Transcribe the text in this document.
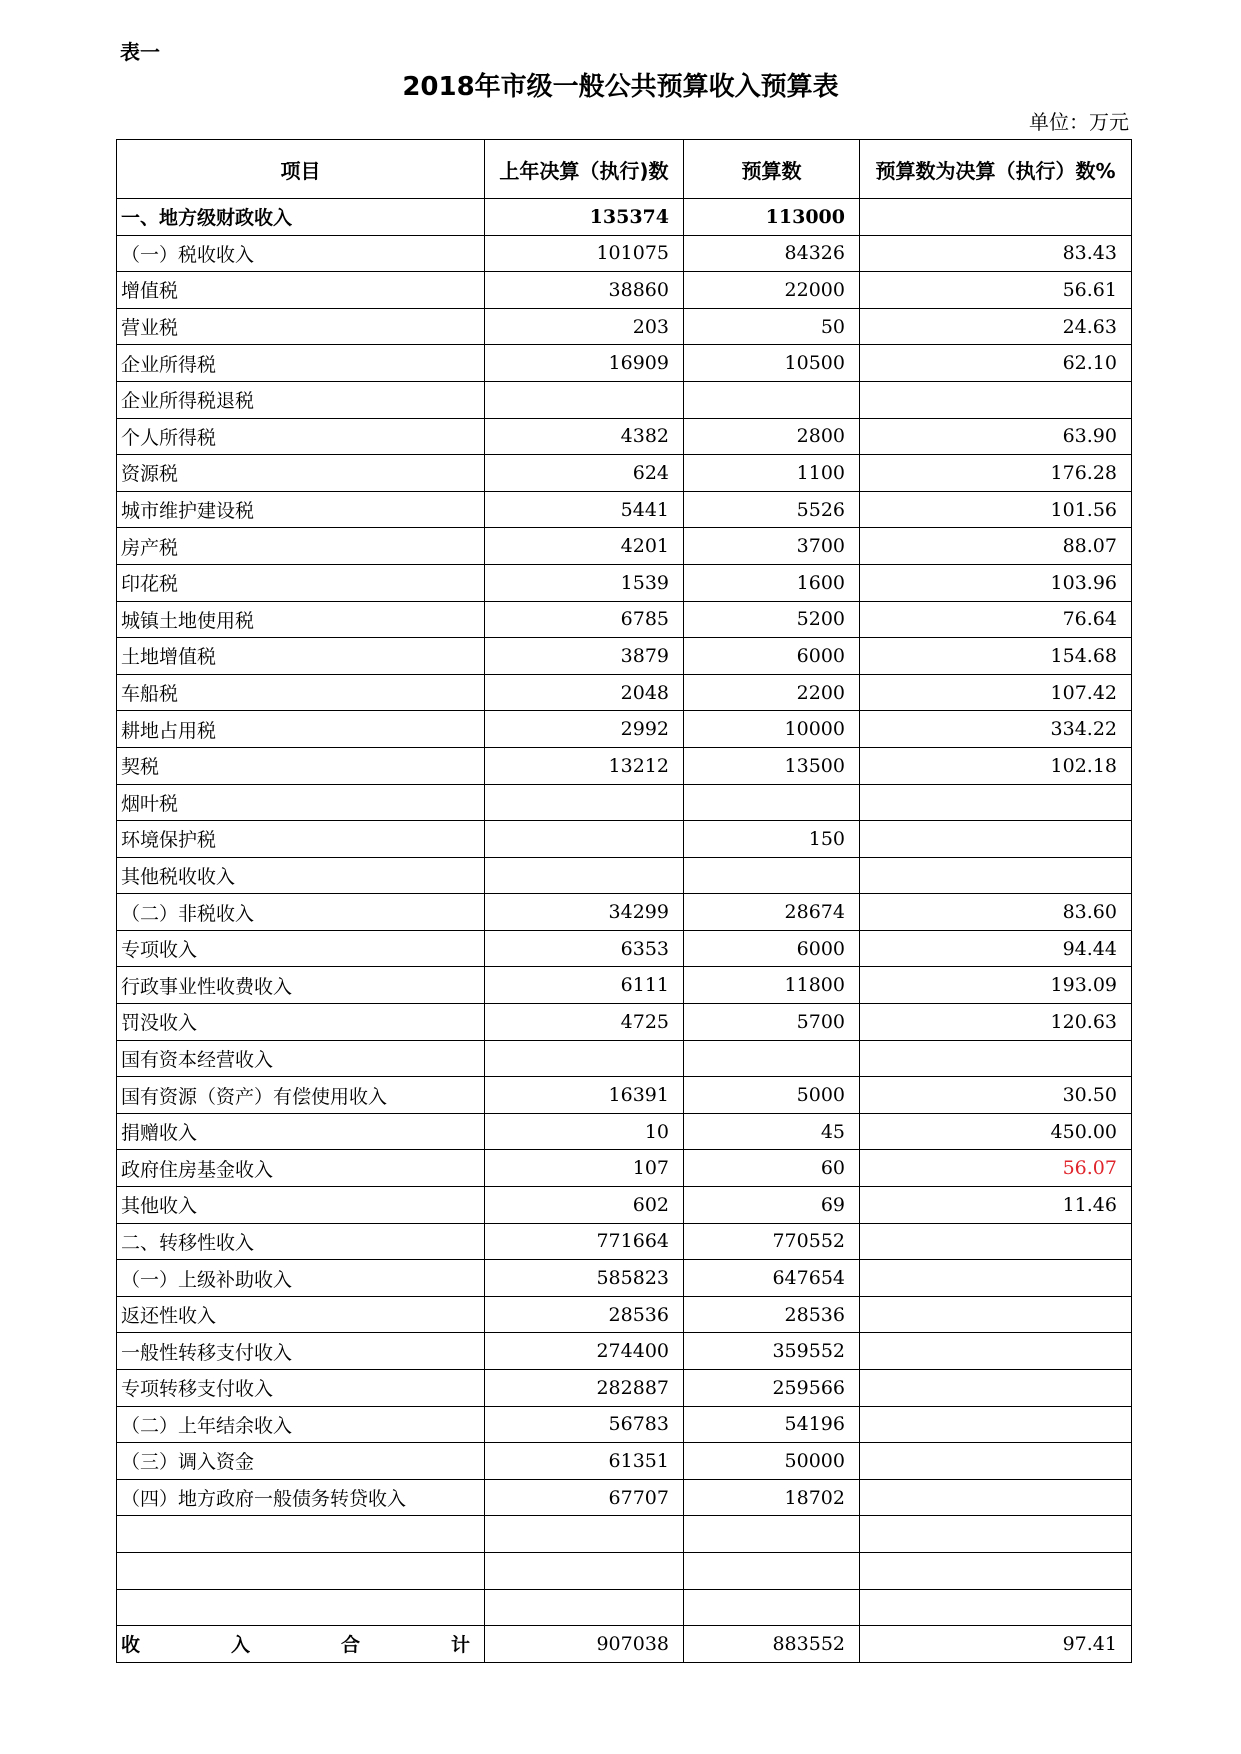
表一
2018年市级一般公共预算收入预算表
单位：万元
项目	上年决算（执行)数	预算数	预算数为决算（执行）数%
一、地方级财政收入	135374	113000	
（一）税收收入	101075	84326	83.43
增值税	38860	22000	56.61
营业税	203	50	24.63
企业所得税	16909	10500	62.10
企业所得税退税			
个人所得税	4382	2800	63.90
资源税	624	1100	176.28
城市维护建设税	5441	5526	101.56
房产税	4201	3700	88.07
印花税	1539	1600	103.96
城镇土地使用税	6785	5200	76.64
土地增值税	3879	6000	154.68
车船税	2048	2200	107.42
耕地占用税	2992	10000	334.22
契税	13212	13500	102.18
烟叶税			
环境保护税		150	
其他税收收入			
（二）非税收入	34299	28674	83.60
专项收入	6353	6000	94.44
行政事业性收费收入	6111	11800	193.09
罚没收入	4725	5700	120.63
国有资本经营收入			
国有资源（资产）有偿使用收入	16391	5000	30.50
捐赠收入	10	45	450.00
政府住房基金收入	107	60	56.07
其他收入	602	69	11.46
二、转移性收入	771664	770552	
（一）上级补助收入	585823	647654	
返还性收入	28536	28536	
一般性转移支付收入	274400	359552	
专项转移支付收入	282887	259566	
（二）上年结余收入	56783	54196	
（三）调入资金	61351	50000	
（四）地方政府一般债务转贷收入	67707	18702	

收 入 合 计	907038	883552	97.41
